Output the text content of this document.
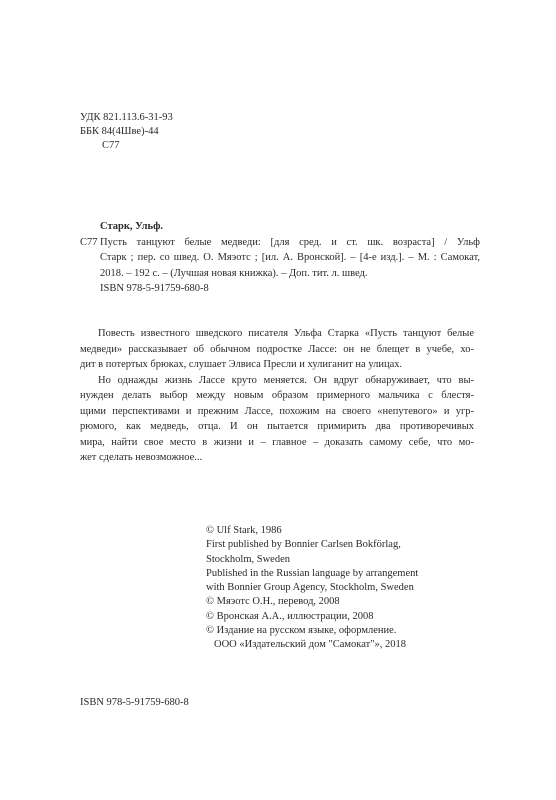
УДК 821.113.6-31-93
ББК 84(4Шве)-44
С77
Старк, Ульф.
С77 Пусть танцуют белые медведи: [для сред. и ст. шк. возраста] / Ульф
Старк ; пер. со швед. О. Мяэотс ; [ил. А. Вронской]. – [4-е изд.]. – М. : Самокат,
2018. – 192 с. – (Лучшая новая книжка). – Доп. тит. л. швед.
ISBN 978-5-91759-680-8
Повесть известного шведского писателя Ульфа Старка «Пусть танцуют белые
медведи» рассказывает об обычном подростке Лассе: он не блещет в учебе, хо-
дит в потертых брюках, слушает Элвиса Пресли и хулиганит на улицах.
Но однажды жизнь Лассе круто меняется. Он вдруг обнаруживает, что вы-
нужден делать выбор между новым образом примерного мальчика с блестя-
щими перспективами и прежним Лассе, похожим на своего «непутевого» и угр-
рюмого, как медведь, отца. И он пытается примирить два противоречивых
мира, найти свое место в жизни и – главное – доказать самому себе, что мо-
жет сделать невозможное...
© Ulf Stark, 1986
First published by Bonnier Carlsen Bokförlag,
Stockholm, Sweden
Published in the Russian language by arrangement
with Bonnier Group Agency, Stockholm, Sweden
© Мяэотс О.Н., перевод, 2008
© Вронская А.А., иллюстрации, 2008
© Издание на русском языке, оформление.
ООО «Издательский дом "Самокат"», 2018
ISBN 978-5-91759-680-8
